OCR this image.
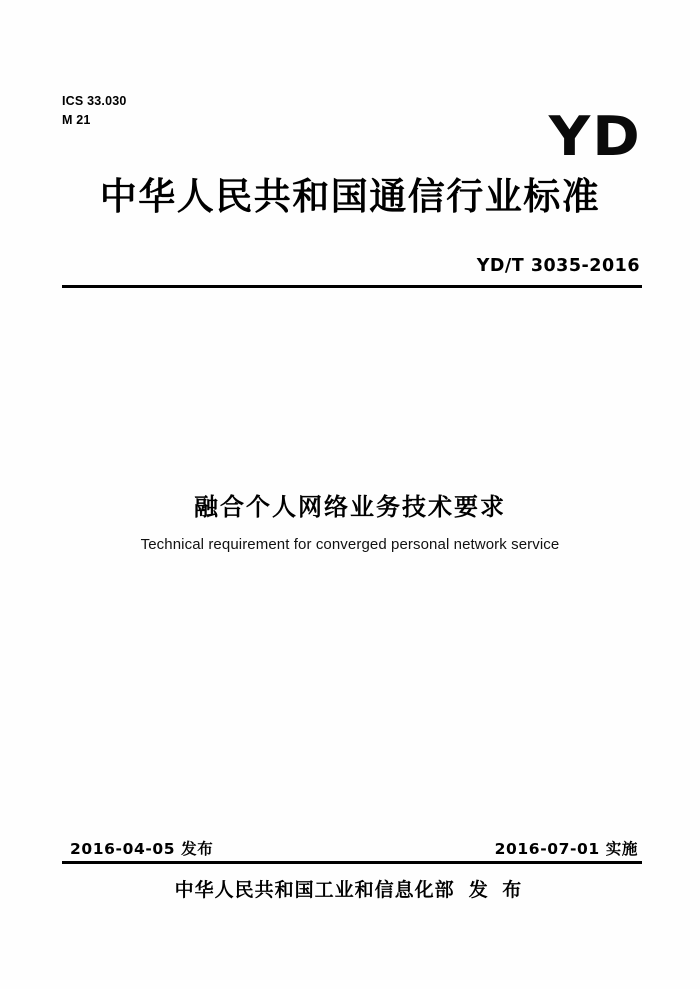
ICS 33.030
M 21	YD
中华人民共和国通信行业标准
YD/T 3035-2016
融合个人网络业务技术要求
Technical requirement for converged personal network service
2016-04-05 发布	2016-07-01 实施
中华人民共和国工业和信息化部 发 布
